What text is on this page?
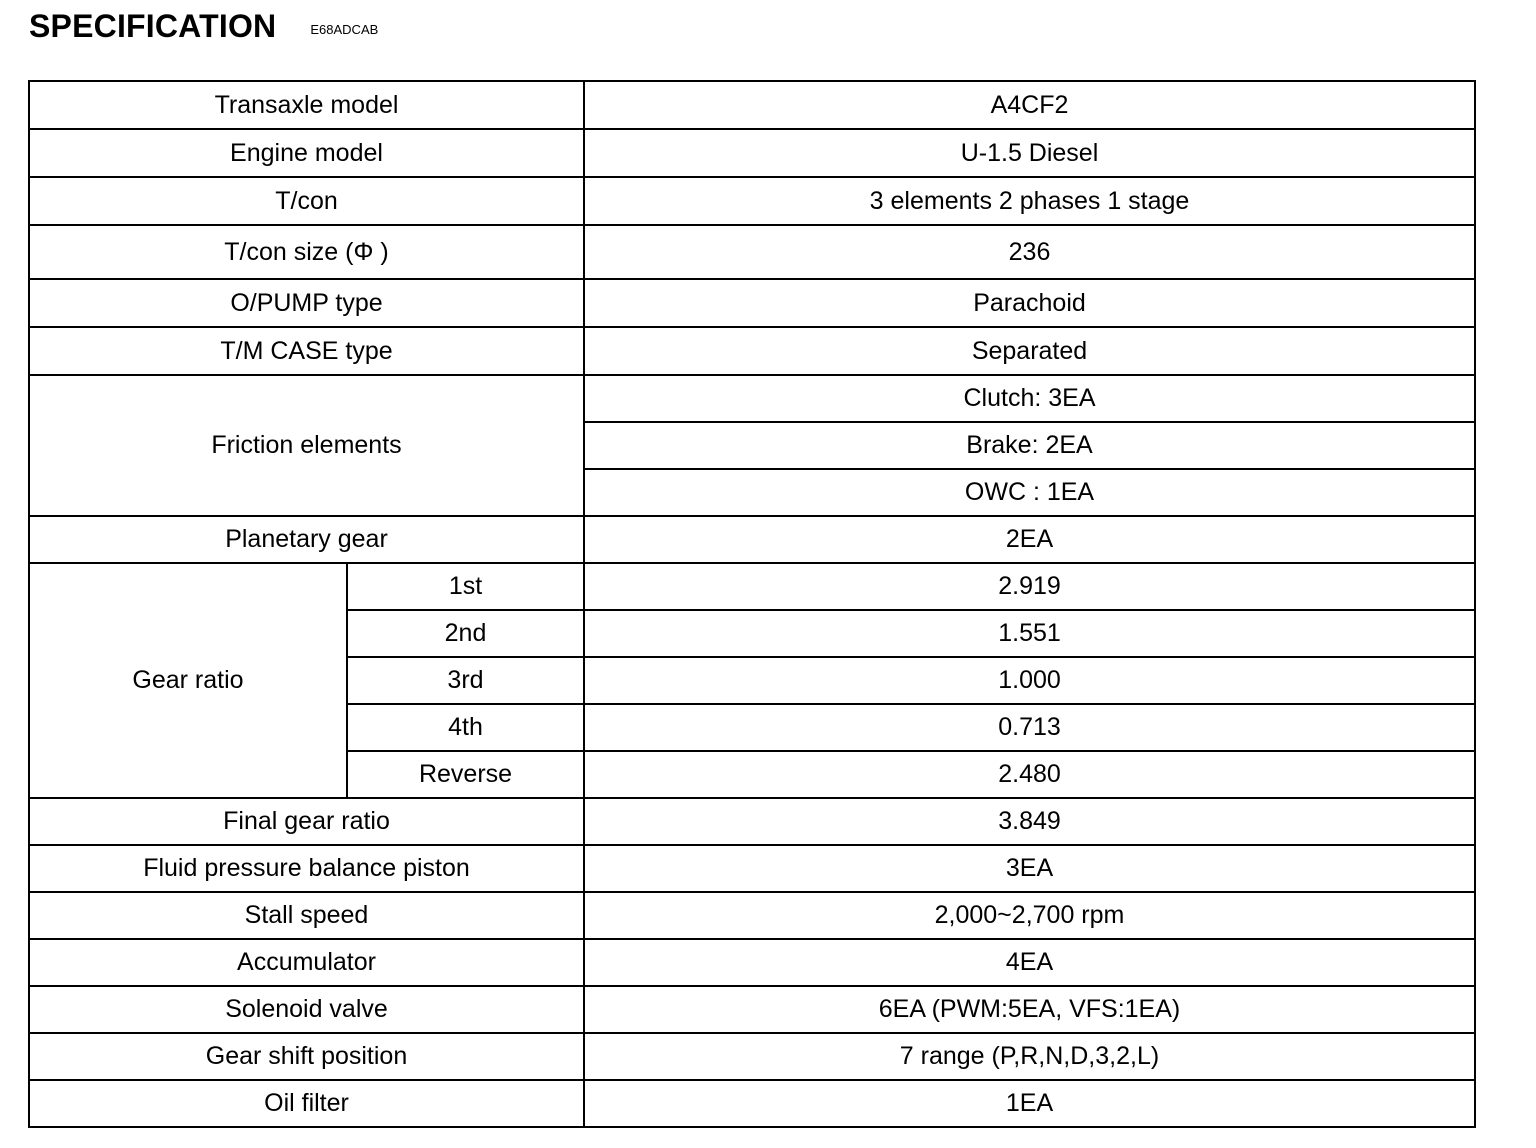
SPECIFICATION	E68ADCAB
Transaxle model		A4CF2
Engine model		U-1.5 Diesel
T/con		3 elements 2 phases 1 stage
T/con size (Φ )		236
O/PUMP type		Parachoid
T/M CASE type		Separated
Friction elements		Clutch: 3EA
		Brake: 2EA
		OWC : 1EA
Planetary gear		2EA
Gear ratio	1st	2.919
	2nd	1.551
	3rd	1.000
	4th	0.713
	Reverse	2.480
Final gear ratio		3.849
Fluid pressure balance piston		3EA
Stall speed		2,000~2,700 rpm
Accumulator		4EA
Solenoid valve		6EA (PWM:5EA, VFS:1EA)
Gear shift position		7 range (P,R,N,D,3,2,L)
Oil filter		1EA
